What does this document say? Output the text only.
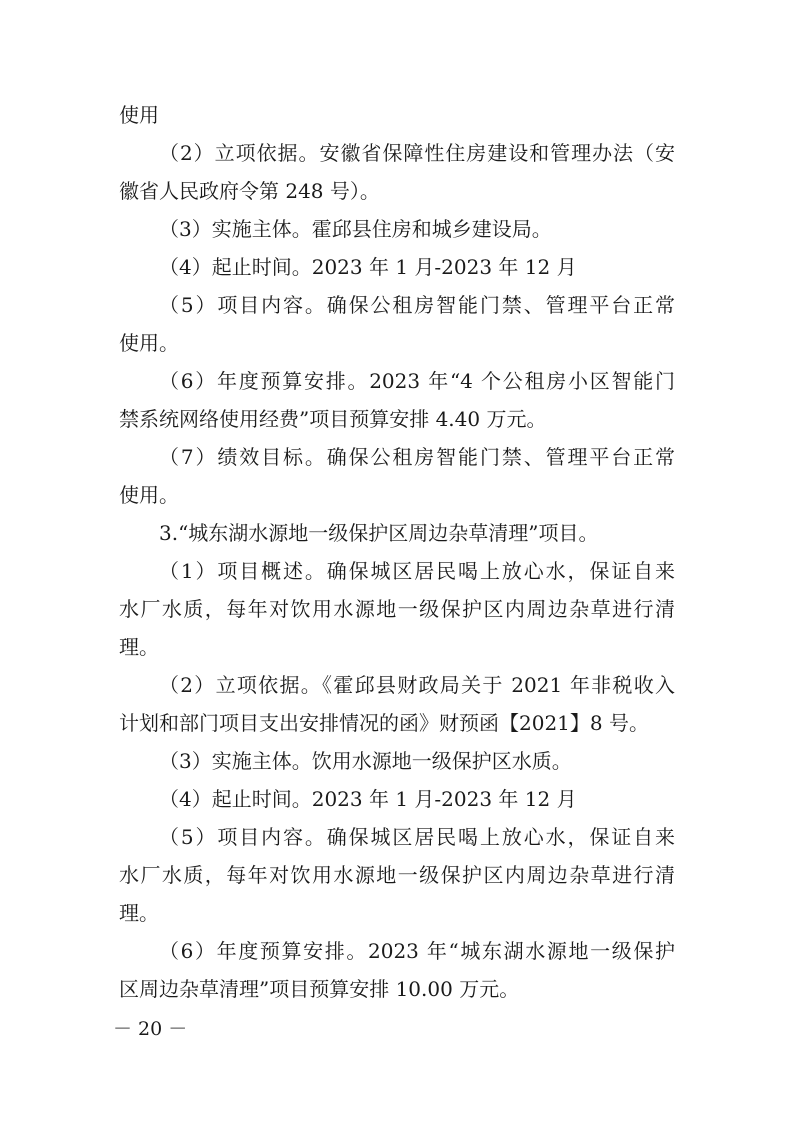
使用
（2）立项依据。安徽省保障性住房建设和管理办法（安
徽省人民政府令第 248 号）。
（3）实施主体。霍邱县住房和城乡建设局。
（4）起止时间。2023 年 1 月-2023 年 12 月
（5）项目内容。确保公租房智能门禁、管理平台正常
使用。
（6）年度预算安排。2023 年“4 个公租房小区智能门
禁系统网络使用经费”项目预算安排 4.40 万元。
（7）绩效目标。确保公租房智能门禁、管理平台正常
使用。
3.“城东湖水源地一级保护区周边杂草清理”项目。
（1）项目概述。确保城区居民喝上放心水，保证自来
水厂水质，每年对饮用水源地一级保护区内周边杂草进行清
理。
（2）立项依据。《霍邱县财政局关于 2021 年非税收入
计划和部门项目支出安排情况的函》财预函【2021】8 号。
（3）实施主体。饮用水源地一级保护区水质。
（4）起止时间。2023 年 1 月-2023 年 12 月
（5）项目内容。确保城区居民喝上放心水，保证自来
水厂水质，每年对饮用水源地一级保护区内周边杂草进行清
理。
（6）年度预算安排。2023 年“城东湖水源地一级保护
区周边杂草清理”项目预算安排 10.00 万元。
－ 20 －
